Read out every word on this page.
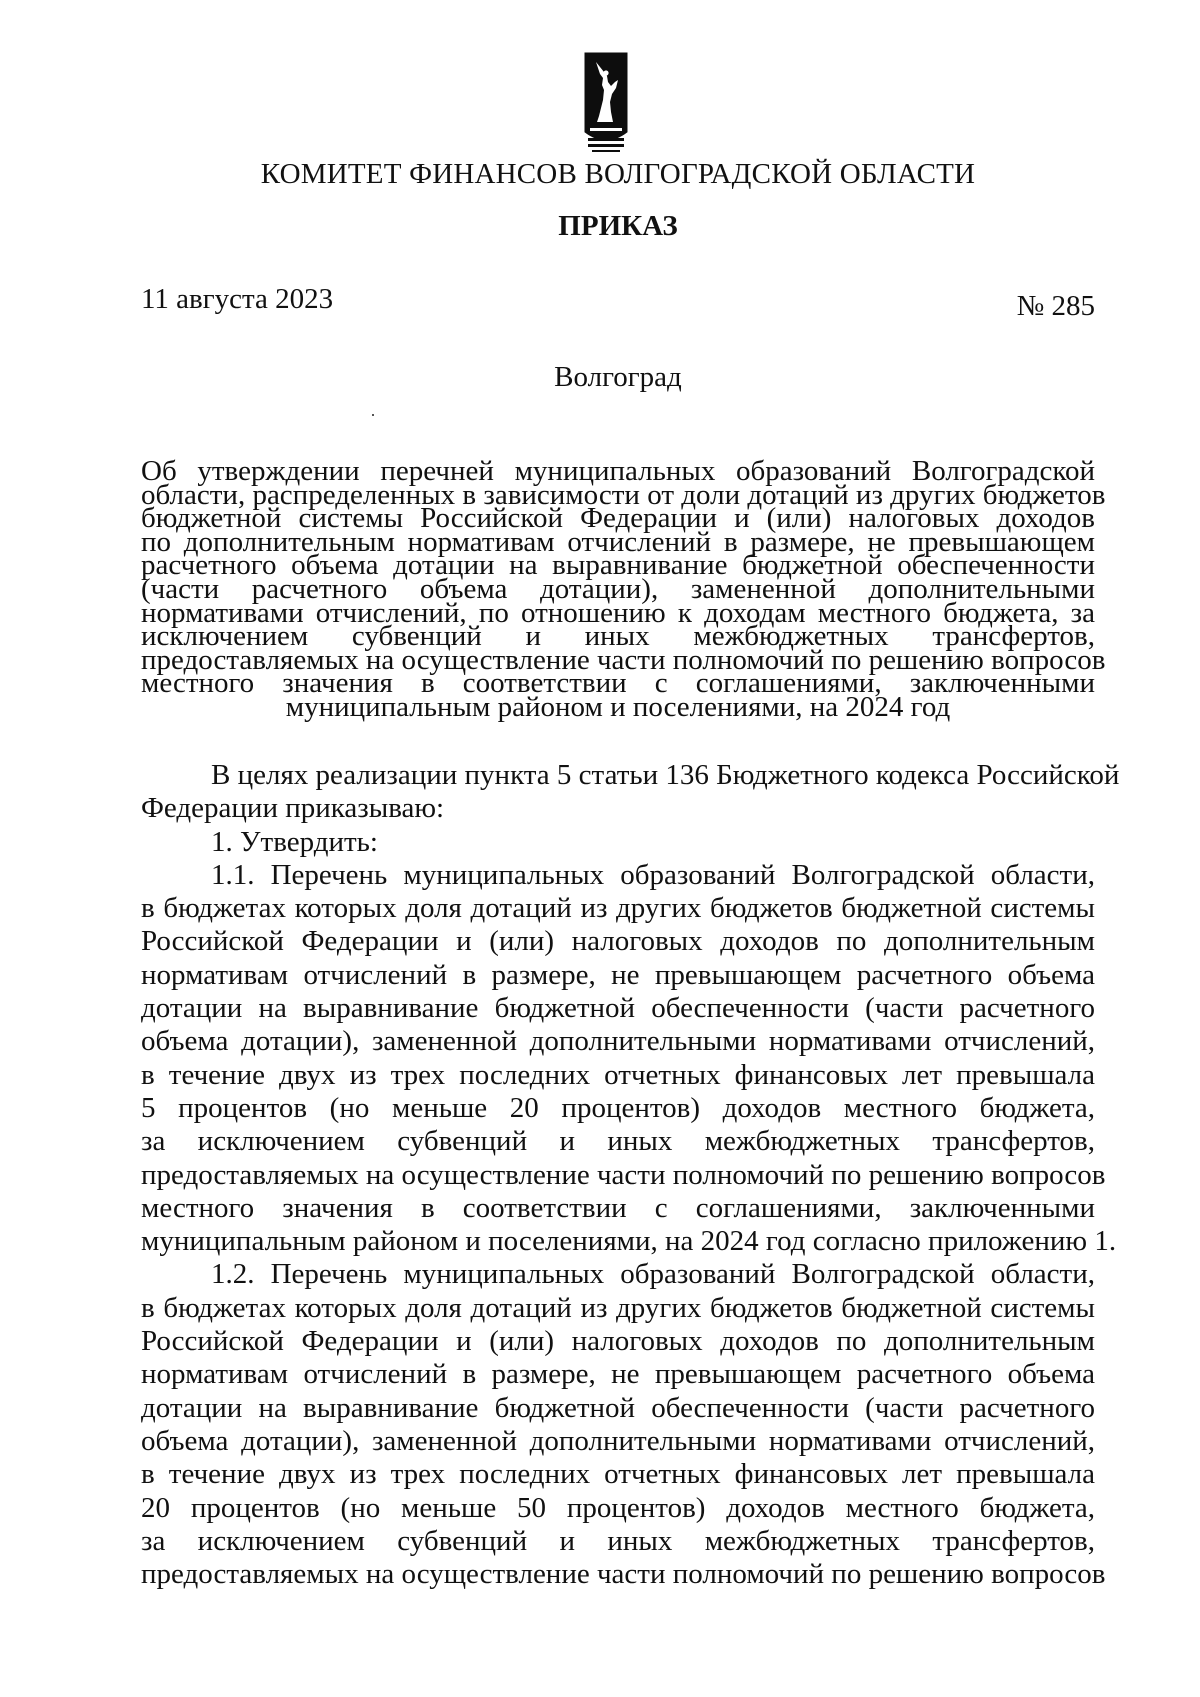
КОМИТЕТ ФИНАНСОВ ВОЛГОГРАДСКОЙ ОБЛАСТИ
ПРИКАЗ
11 августа 2023	№ 285
Волгоград
Об утверждении перечней муниципальных образований Волгоградской
области, распределенных в зависимости от доли дотаций из других бюджетов
бюджетной системы Российской Федерации и (или) налоговых доходов
по дополнительным нормативам отчислений в размере, не превышающем
расчетного объема дотации на выравнивание бюджетной обеспеченности
(части расчетного объема дотации), замененной дополнительными
нормативами отчислений, по отношению к доходам местного бюджета, за
исключением субвенций и иных межбюджетных трансфертов,
предоставляемых на осуществление части полномочий по решению вопросов
местного значения в соответствии с соглашениями, заключенными
муниципальным районом и поселениями, на 2024 год
В целях реализации пункта 5 статьи 136 Бюджетного кодекса Российской
Федерации приказываю:
1. Утвердить:
1.1. Перечень муниципальных образований Волгоградской области,
в бюджетах которых доля дотаций из других бюджетов бюджетной системы
Российской Федерации и (или) налоговых доходов по дополнительным
нормативам отчислений в размере, не превышающем расчетного объема
дотации на выравнивание бюджетной обеспеченности (части расчетного
объема дотации), замененной дополнительными нормативами отчислений,
в течение двух из трех последних отчетных финансовых лет превышала
5 процентов (но меньше 20 процентов) доходов местного бюджета,
за исключением субвенций и иных межбюджетных трансфертов,
предоставляемых на осуществление части полномочий по решению вопросов
местного значения в соответствии с соглашениями, заключенными
муниципальным районом и поселениями, на 2024 год согласно приложению 1.
1.2. Перечень муниципальных образований Волгоградской области,
в бюджетах которых доля дотаций из других бюджетов бюджетной системы
Российской Федерации и (или) налоговых доходов по дополнительным
нормативам отчислений в размере, не превышающем расчетного объема
дотации на выравнивание бюджетной обеспеченности (части расчетного
объема дотации), замененной дополнительными нормативами отчислений,
в течение двух из трех последних отчетных финансовых лет превышала
20 процентов (но меньше 50 процентов) доходов местного бюджета,
за исключением субвенций и иных межбюджетных трансфертов,
предоставляемых на осуществление части полномочий по решению вопросов
